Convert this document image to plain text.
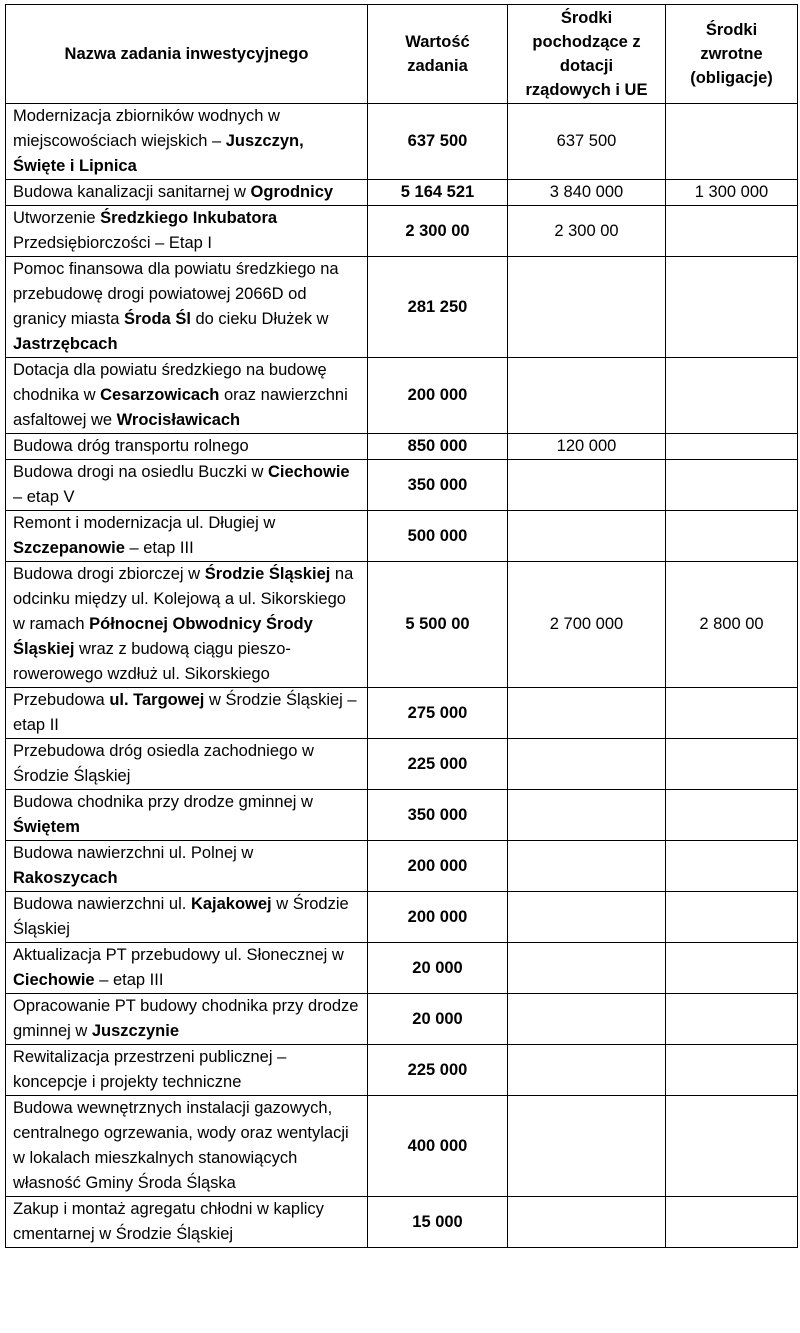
Nazwa zadania inwestycyjnego	Wartość zadania	Środki pochodzące z dotacji rządowych i UE	Środki zwrotne (obligacje)
Modernizacja zbiorników wodnych w miejscowościach wiejskich – Juszczyn, Święte i Lipnica	637 500	637 500	
Budowa kanalizacji sanitarnej w Ogrodnicy	5 164 521	3 840 000	1 300 000
Utworzenie Średzkiego Inkubatora Przedsiębiorczości – Etap I	2 300 00	2 300 00	
Pomoc finansowa dla powiatu średzkiego na przebudowę drogi powiatowej 2066D od granicy miasta Środa Śl do cieku Dłużek w Jastrzębcach	281 250		
Dotacja dla powiatu średzkiego na budowę chodnika w Cesarzowicach oraz nawierzchni asfaltowej we Wrocisławicach	200 000		
Budowa dróg transportu rolnego	850 000	120 000	
Budowa drogi na osiedlu Buczki w Ciechowie – etap V	350 000		
Remont i modernizacja ul. Długiej w Szczepanowie – etap III	500 000		
Budowa drogi zbiorczej w Środzie Śląskiej na odcinku między ul. Kolejową a ul. Sikorskiego w ramach Północnej Obwodnicy Środy Śląskiej wraz z budową ciągu pieszo-rowerowego wzdłuż ul. Sikorskiego	5 500 00	2 700 000	2 800 00
Przebudowa ul. Targowej w Środzie Śląskiej – etap II	275 000		
Przebudowa dróg osiedla zachodniego w Środzie Śląskiej	225 000		
Budowa chodnika przy drodze gminnej w Świętem	350 000		
Budowa nawierzchni ul. Polnej w Rakoszycach	200 000		
Budowa nawierzchni ul. Kajakowej w Środzie Śląskiej	200 000		
Aktualizacja PT przebudowy ul. Słonecznej w Ciechowie – etap III	20 000		
Opracowanie PT budowy chodnika przy drodze gminnej w Juszczynie	20 000		
Rewitalizacja przestrzeni publicznej – koncepcje i projekty techniczne	225 000		
Budowa wewnętrznych instalacji gazowych, centralnego ogrzewania, wody oraz wentylacji w lokalach mieszkalnych stanowiących własność Gminy Środa Śląska	400 000		
Zakup i montaż agregatu chłodni w kaplicy cmentarnej w Środzie Śląskiej	15 000		
